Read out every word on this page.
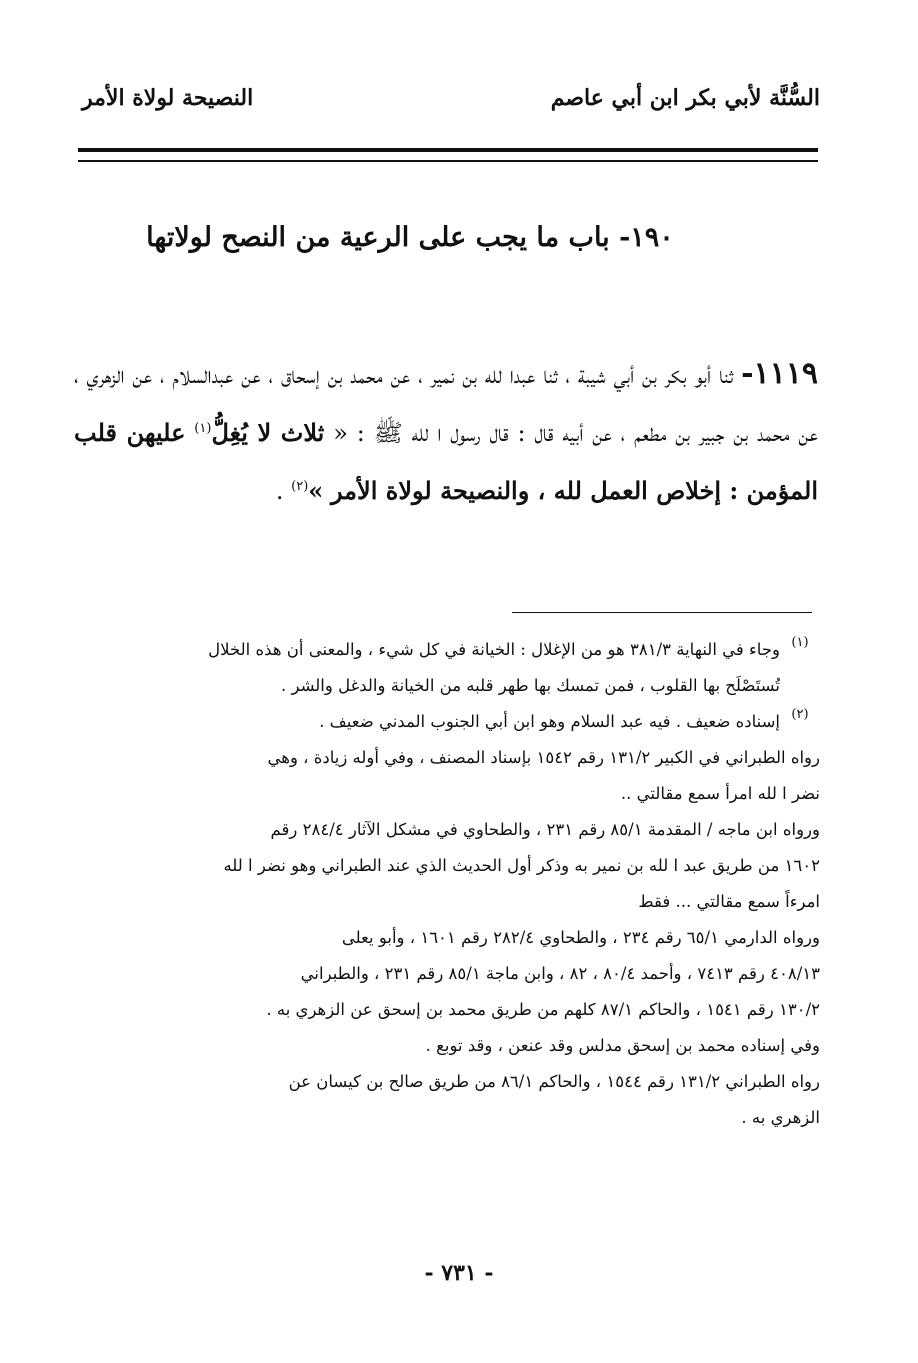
السُّنَّة لأبي بكر ابن أبي عاصم
النصيحة لولاة الأمر
١٩٠- باب ما يجب على الرعية من النصح لولاتها
١١١٩- ثنا أبو بكر بن أبي شيبة ، ثنا عبدا لله بن نمير ، عن محمد بن إسحاق ، عن عبدالسلام ، عن الزهري ، عن محمد بن جبير بن مطعم ، عن أبيه قال : قال رسول ا لله ﷺ : « ثلاث لا يُغِلُّ$^{(١)}$ عليهن قلب المؤمن : إخلاص العمل لله ، والنصيحة لولاة الأمر »$^{(٢)}$ .
(١)
وجاء في النهاية ٣٨١/٣ هو من الإغلال : الخيانة في كل شيء ، والمعنى أن هذه الخلال
تُستَصْلَح بها القلوب ، فمن تمسك بها طهر قلبه من الخيانة والدغل والشر .
(٢)
إسناده ضعيف . فيه عبد السلام وهو ابن أبي الجنوب المدني ضعيف .
رواه الطبراني في الكبير ١٣١/٢ رقم ١٥٤٢ بإسناد المصنف ، وفي أوله زيادة ، وهي
نضر ا لله امرأ سمع مقالتي ..
ورواه ابن ماجه / المقدمة ٨٥/١ رقم ٢٣١ ، والطحاوي في مشكل الآثار ٢٨٤/٤ رقم
١٦٠٢ من طريق عبد ا لله بن نمير به وذكر أول الحديث الذي عند الطبراني وهو نضر ا لله
امرءاً سمع مقالتي ... فقط
ورواه الدارمي ٦٥/١ رقم ٢٣٤ ، والطحاوي ٢٨٢/٤ رقم ١٦٠١ ، وأبو يعلى
٤٠٨/١٣ رقم ٧٤١٣ ، وأحمد ٨٠/٤ ، ٨٢ ، وابن ماجة ٨٥/١ رقم ٢٣١ ، والطبراني
١٣٠/٢ رقم ١٥٤١ ، والحاكم ٨٧/١ كلهم من طريق محمد بن إسحق عن الزهري به .
وفي إسناده محمد بن إسحق مدلس وقد عنعن ، وقد توبع .
رواه الطبراني ١٣١/٢ رقم ١٥٤٤ ، والحاكم ٨٦/١ من طريق صالح بن كيسان عن
الزهري به .
- ٧٣١ -
